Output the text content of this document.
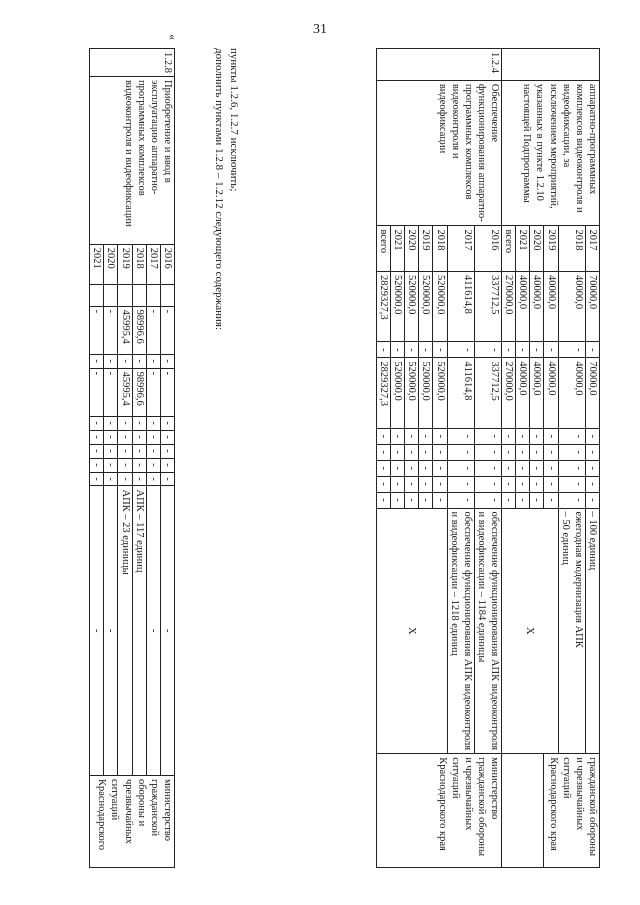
31
	аппаратно-программных комплексов видеоконтроля и видеофиксации, за исключением мероприятий, указанных в пункте 1.2.10 настоящей Подпрограммы	2017	70000,0	-	70000,0	-	-	-	-	-	– 100 единиц	гражданской обороны и чрезвычайных ситуаций Краснодарского края
		2018	40000,0	-	40000,0	-	-	-	-	-	ежегодная модернизация АПК
– 50 единиц	

		2019	40000,0	-	40000,0	-	-	-	-	-	X	
		2020	40000,0	-	40000,0	-	-	-	-	-		
		2021	40000,0	-	40000,0	-	-	-	-	-		
		всего	270000,0	-	270000,0	-	-	-	-	-		
1.2.4	Обеспечение функционирования аппаратно-программных комплексов видеоконтроля и видеофиксации	2016	337712,5	-	337712,5	-	-	-	-	-	обеспечение функционирования АПК видеоконтроля и видеофиксации – 1184 единицы	министерство гражданской обороны и чрезвычайных ситуаций Краснодарского края
		2017	411614,8	-	411614,8	-	-	-	-	-	обеспечение функционирования АПК видеоконтроля и видеофиксации – 1218 единиц	
		2018	520000,0	-	520000,0	-	-	-	-	-	X	
		2019	520000,0	-	520000,0	-	-	-	-	-		
		2020	520000,0	-	520000,0	-	-	-	-	-		
		2021	520000,0	-	520000,0	-	-	-	-	-		
		всего	2829327,3	-	2829327,3	-	-	-	-	-		
пункты 1.2.6, 1.2.7 исключить;
дополнить пунктами 1.2.8 – 1.2.12 следующего содержания:
«
1.2.8	Приобретение и ввод в эксплуатацию аппаратно-программных комплексов видеоконтроля и видеофиксации	2016		-	-	-	-	-	-	-	-	-	министерство гражданской обороны и чрезвычайных ситуаций Краснодарского
		2017		-	-	-	-	-	-	-	-	-	
		2018		98996,6	-	98996,6	-	-	-	-	-	АПК – 117 единиц	
		2019		45995,4	-	45995,4	-	-	-	-	-	АПК – 23 единицы	
		2020		-	-	-	-	-	-	-	-	-	
		2021		-	-	-	-	-	-	-	-	-	
